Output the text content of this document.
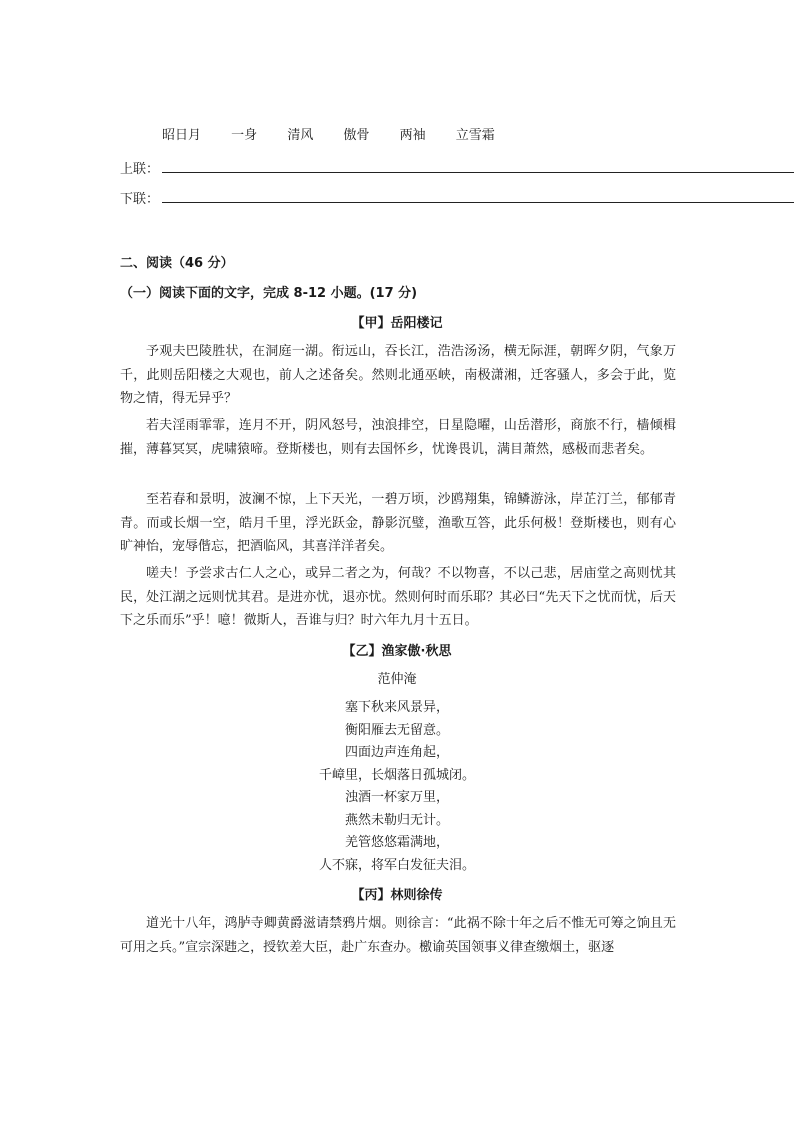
昭日月 一身 清风 傲骨 两袖 立雪霜
上联：
下联：
二、阅读（46 分）
（一）阅读下面的文字，完成 8-12 小题。(17 分)
【甲】岳阳楼记

予观夫巴陵胜状，在洞庭一湖。衔远山，吞长江，浩浩汤汤，横无际涯，朝晖夕阴，气象万千，此则岳阳楼之大观也，前人之述备矣。然则北通巫峡，南极潇湘，迁客骚人，多会于此，览物之情，得无异乎？

若夫淫雨霏霏，连月不开，阴风怒号，浊浪排空，日星隐曜，山岳潜形，商旅不行，樯倾楫摧，薄暮冥冥，虎啸猿啼。登斯楼也，则有去国怀乡，忧谗畏讥，满目萧然，感极而悲者矣。

至若春和景明，波澜不惊，上下天光，一碧万顷，沙鸥翔集，锦鳞游泳，岸芷汀兰，郁郁青青。而或长烟一空，皓月千里，浮光跃金，静影沉璧，渔歌互答，此乐何极！登斯楼也，则有心旷神怡，宠辱偕忘，把酒临风，其喜洋洋者矣。

嗟夫！予尝求古仁人之心，或异二者之为，何哉？不以物喜，不以己悲，居庙堂之高则忧其民，处江湖之远则忧其君。是进亦忧，退亦忧。然则何时而乐耶？其必曰“先天下之忧而忧，后天下之乐而乐”乎！噫！微斯人，吾谁与归？时六年九月十五日。

【乙】渔家傲·秋思
范仲淹
塞下秋来风景异，
衡阳雁去无留意。
四面边声连角起，
千嶂里，长烟落日孤城闭。
浊酒一杯家万里，
燕然未勒归无计。
羌管悠悠霜满地，
人不寐，将军白发征夫泪。
【丙】林则徐传

道光十八年，鸿胪寺卿黄爵滋请禁鸦片烟。则徐言：“此祸不除十年之后不惟无可筹之饷且无可用之兵。”宣宗深韪之，授钦差大臣，赴广东查办。檄谕英国领事义律查缴烟土，驱逐
